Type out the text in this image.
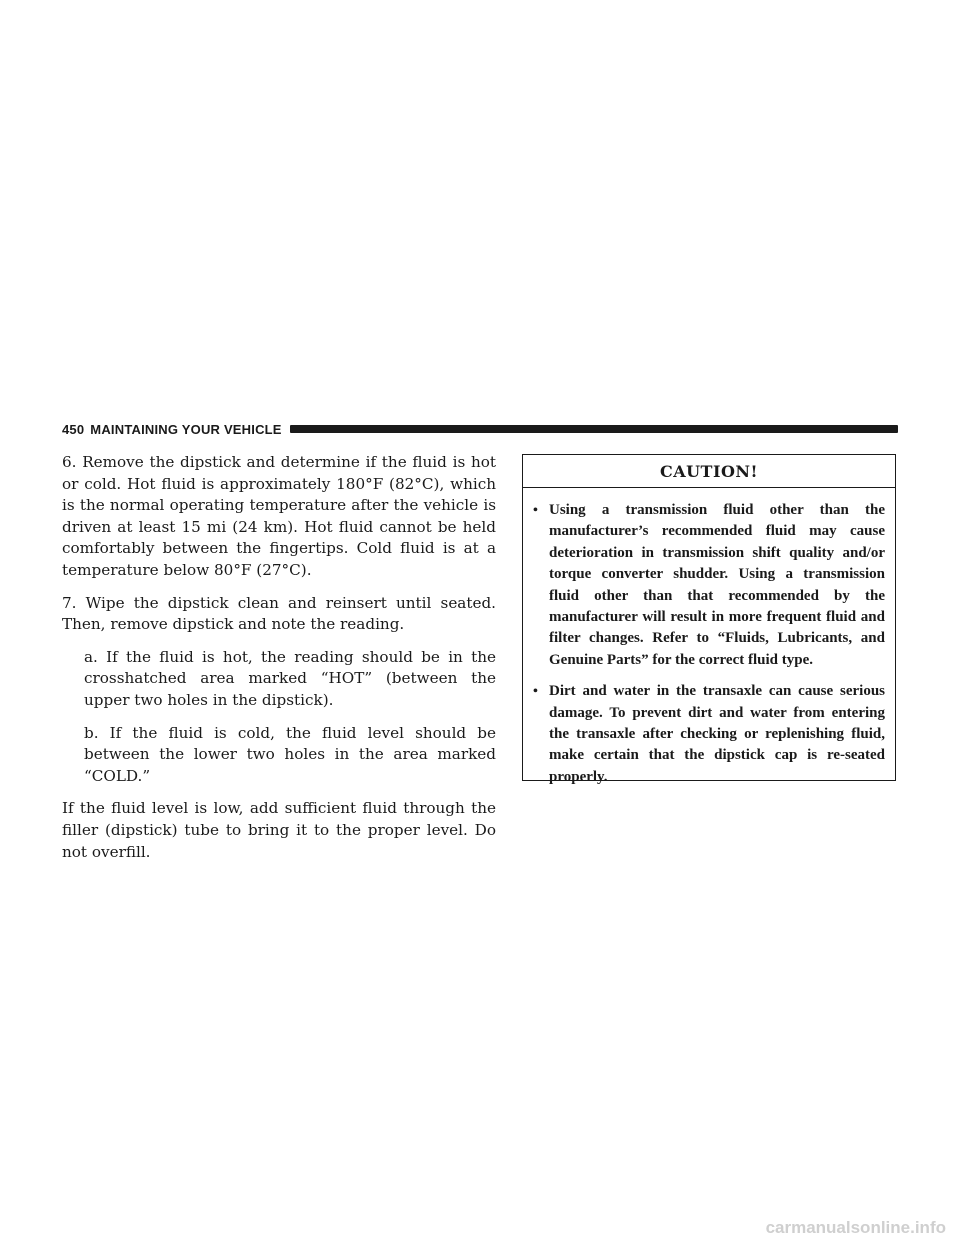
450 MAINTAINING YOUR VEHICLE

6. Remove the dipstick and determine if the fluid is hot or cold. Hot fluid is approximately 180°F (82°C), which is the normal operating temperature after the vehicle is driven at least 15 mi (24 km). Hot fluid cannot be held comfortably between the fingertips. Cold fluid is at a temperature below 80°F (27°C).

7. Wipe the dipstick clean and reinsert until seated. Then, remove dipstick and note the reading.

a. If the fluid is hot, the reading should be in the crosshatched area marked “HOT” (between the upper two holes in the dipstick).

b. If the fluid is cold, the fluid level should be between the lower two holes in the area marked “COLD.”

If the fluid level is low, add sufficient fluid through the filler (dipstick) tube to bring it to the proper level. Do not overfill.

CAUTION!
• Using a transmission fluid other than the manufacturer’s recommended fluid may cause deterioration in transmission shift quality and/or torque converter shudder. Using a transmission fluid other than that recommended by the manufacturer will result in more frequent fluid and filter changes. Refer to “Fluids, Lubricants, and Genuine Parts” for the correct fluid type.
• Dirt and water in the transaxle can cause serious damage. To prevent dirt and water from entering the transaxle after checking or replenishing fluid, make certain that the dipstick cap is re-seated properly.
carmanualsonline.info
